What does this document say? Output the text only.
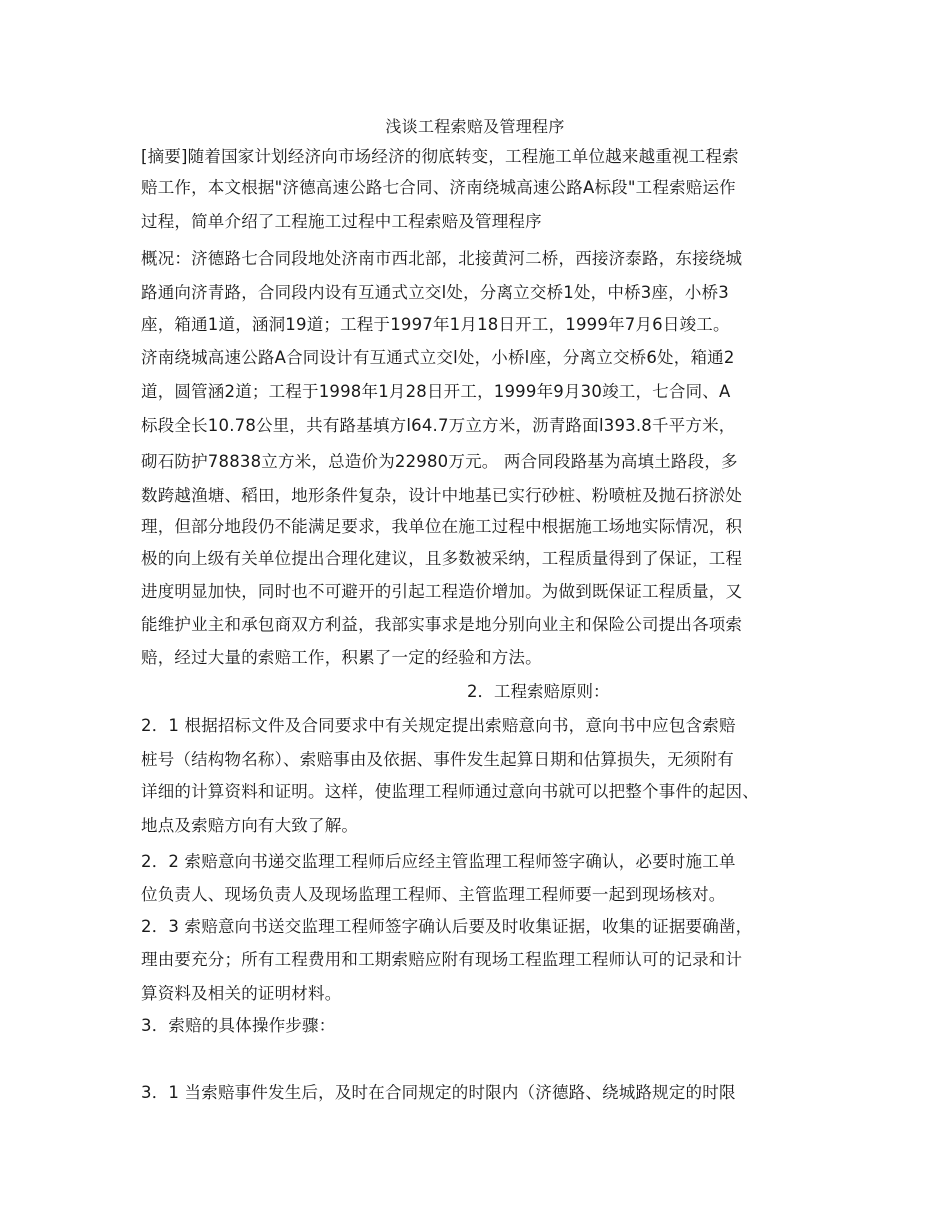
浅谈工程索赔及管理程序
[摘要]随着国家计划经济向市场经济的彻底转变，工程施工单位越来越重视工程索
赔工作，本文根据"济德高速公路七合同、济南绕城高速公路A标段"工程索赔运作
过程，简单介绍了工程施工过程中工程索赔及管理程序
概况：济德路七合同段地处济南市西北部，北接黄河二桥，西接济泰路，东接绕城
路通向济青路，合同段内设有互通式立交l处，分离立交桥1处，中桥3座，小桥3
座，箱通1道，涵洞19道；工程于1997年1月18日开工，1999年7月6日竣工。
济南绕城高速公路A合同设计有互通式立交l处，小桥l座，分离立交桥6处，箱通2
道，圆管涵2道；工程于1998年1月28日开工，1999年9月30竣工，七合同、A
标段全长10.78公里，共有路基填方l64.7万立方米，沥青路面l393.8千平方米，
砌石防护78838立方米，总造价为22980万元。 两合同段路基为高填土路段，多
数跨越渔塘、稻田，地形条件复杂，设计中地基已实行砂桩、粉喷桩及抛石挤淤处
理，但部分地段仍不能满足要求，我单位在施工过程中根据施工场地实际情况，积
极的向上级有关单位提出合理化建议，且多数被采纳，工程质量得到了保证，工程
进度明显加快，同时也不可避开的引起工程造价增加。为做到既保证工程质量，又
能维护业主和承包商双方利益，我部实事求是地分别向业主和保险公司提出各项索
赔，经过大量的索赔工作，积累了一定的经验和方法。
2．工程索赔原则：
2．1 根据招标文件及合同要求中有关规定提出索赔意向书，意向书中应包含索赔
桩号（结构物名称）、索赔事由及依据、事件发生起算日期和估算损失，无须附有
详细的计算资料和证明。这样，使监理工程师通过意向书就可以把整个事件的起因、
地点及索赔方向有大致了解。
2．2 索赔意向书递交监理工程师后应经主管监理工程师签字确认，必要时施工单
位负责人、现场负责人及现场监理工程师、主管监理工程师要一起到现场核对。
2．3 索赔意向书送交监理工程师签字确认后要及时收集证据，收集的证据要确凿，
理由要充分；所有工程费用和工期索赔应附有现场工程监理工程师认可的记录和计
算资料及相关的证明材料。
3．索赔的具体操作步骤：
3．1 当索赔事件发生后，及时在合同规定的时限内（济德路、绕城路规定的时限
